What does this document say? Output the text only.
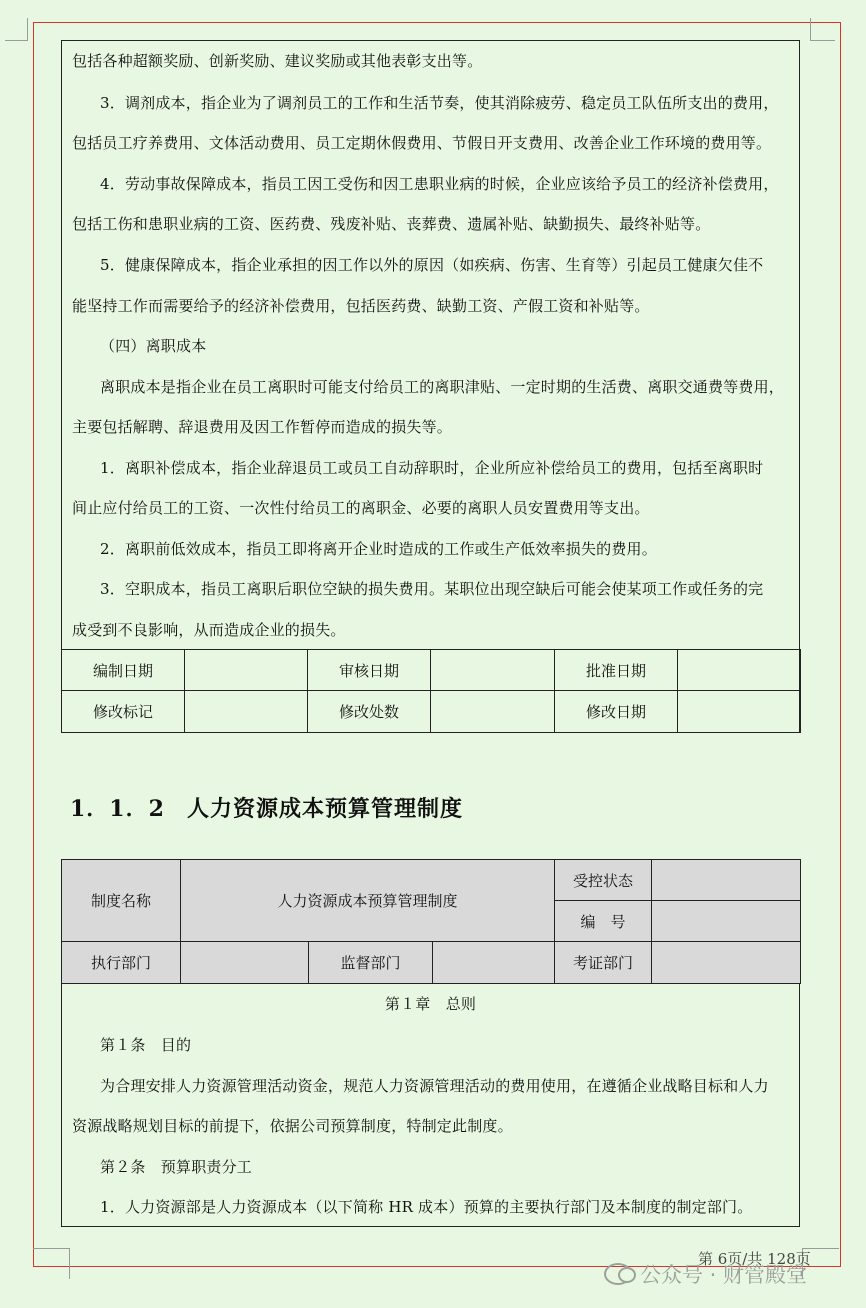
包括各种超额奖励、创新奖励、建议奖励或其他表彰支出等。
3．调剂成本，指企业为了调剂员工的工作和生活节奏，使其消除疲劳、稳定员工队伍所支出的费用，
包括员工疗养费用、文体活动费用、员工定期休假费用、节假日开支费用、改善企业工作环境的费用等。
4．劳动事故保障成本，指员工因工受伤和因工患职业病的时候，企业应该给予员工的经济补偿费用，
包括工伤和患职业病的工资、医药费、残废补贴、丧葬费、遗属补贴、缺勤损失、最终补贴等。
5．健康保障成本，指企业承担的因工作以外的原因（如疾病、伤害、生育等）引起员工健康欠佳不
能坚持工作而需要给予的经济补偿费用，包括医药费、缺勤工资、产假工资和补贴等。
（四）离职成本
离职成本是指企业在员工离职时可能支付给员工的离职津贴、一定时期的生活费、离职交通费等费用，
主要包括解聘、辞退费用及因工作暂停而造成的损失等。
1．离职补偿成本，指企业辞退员工或员工自动辞职时，企业所应补偿给员工的费用，包括至离职时
间止应付给员工的工资、一次性付给员工的离职金、必要的离职人员安置费用等支出。
2．离职前低效成本，指员工即将离开企业时造成的工作或生产低效率损失的费用。
3．空职成本，指员工离职后职位空缺的损失费用。某职位出现空缺后可能会使某项工作或任务的完
成受到不良影响，从而造成企业的损失。
编制日期		审核日期		批准日期	
修改标记		修改处数		修改日期	
1．1．2 人力资源成本预算管理制度
制度名称	人力资源成本预算管理制度			受控状态	
				编　号	
执行部门		监督部门		考证部门	
第１章　总则
第１条　目的
为合理安排人力资源管理活动资金，规范人力资源管理活动的费用使用，在遵循企业战略目标和人力
资源战略规划目标的前提下，依据公司预算制度，特制定此制度。
第２条　预算职责分工
1．人力资源部是人力资源成本（以下简称 HR 成本）预算的主要执行部门及本制度的制定部门。
第 6页/共 128页
公众号 · 财管殿堂
